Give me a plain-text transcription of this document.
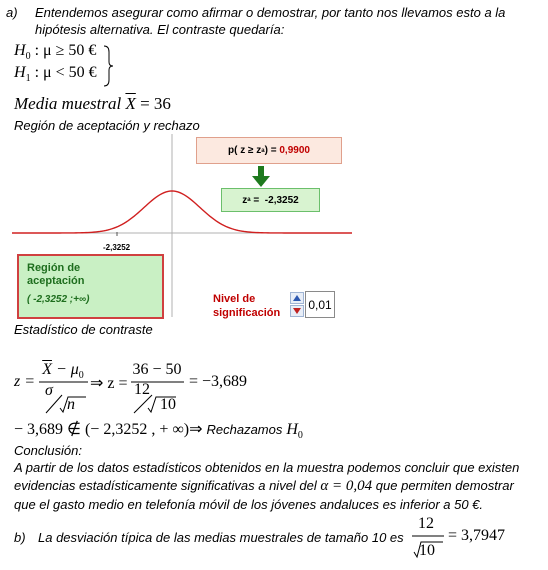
a) Entendemos asegurar como afirmar o demostrar, por tanto nos llevamos esto a la
hipótesis alternativa. El contraste quedaría:
$H_0$ : μ ≥ 50 €
$H_1$ : μ < 50 €
Media muestral $\overline{X} = 36$
Región de aceptación y rechazo
-2,3252
p( z ≥ z a ) =
0,9900
z a = -2,3252
Región de
aceptación
( -2,3252 ;+∞)	Nivel de
significación
0,01
Estadístico de contraste
z =
$\overline{X} - \mu_0$
σ
n
⇒ z =
36 − 50
12
10
= −3,689
− 3,689 ∉ (− 2,3252 , + ∞)⇒ Rechazamos $H_0$
Conclusión:
A partir de los datos estadísticos obtenidos en la muestra podemos concluir que existen
evidencias estadísticamente significativas a nivel del α = 0,04 que permiten demostrar
que el gasto medio en telefonía móvil de los jóvenes andaluces es inferior a 50 €.
b) La desviación típica de las medias muestrales de tamaño 10 es
12
10
= 3,7947
